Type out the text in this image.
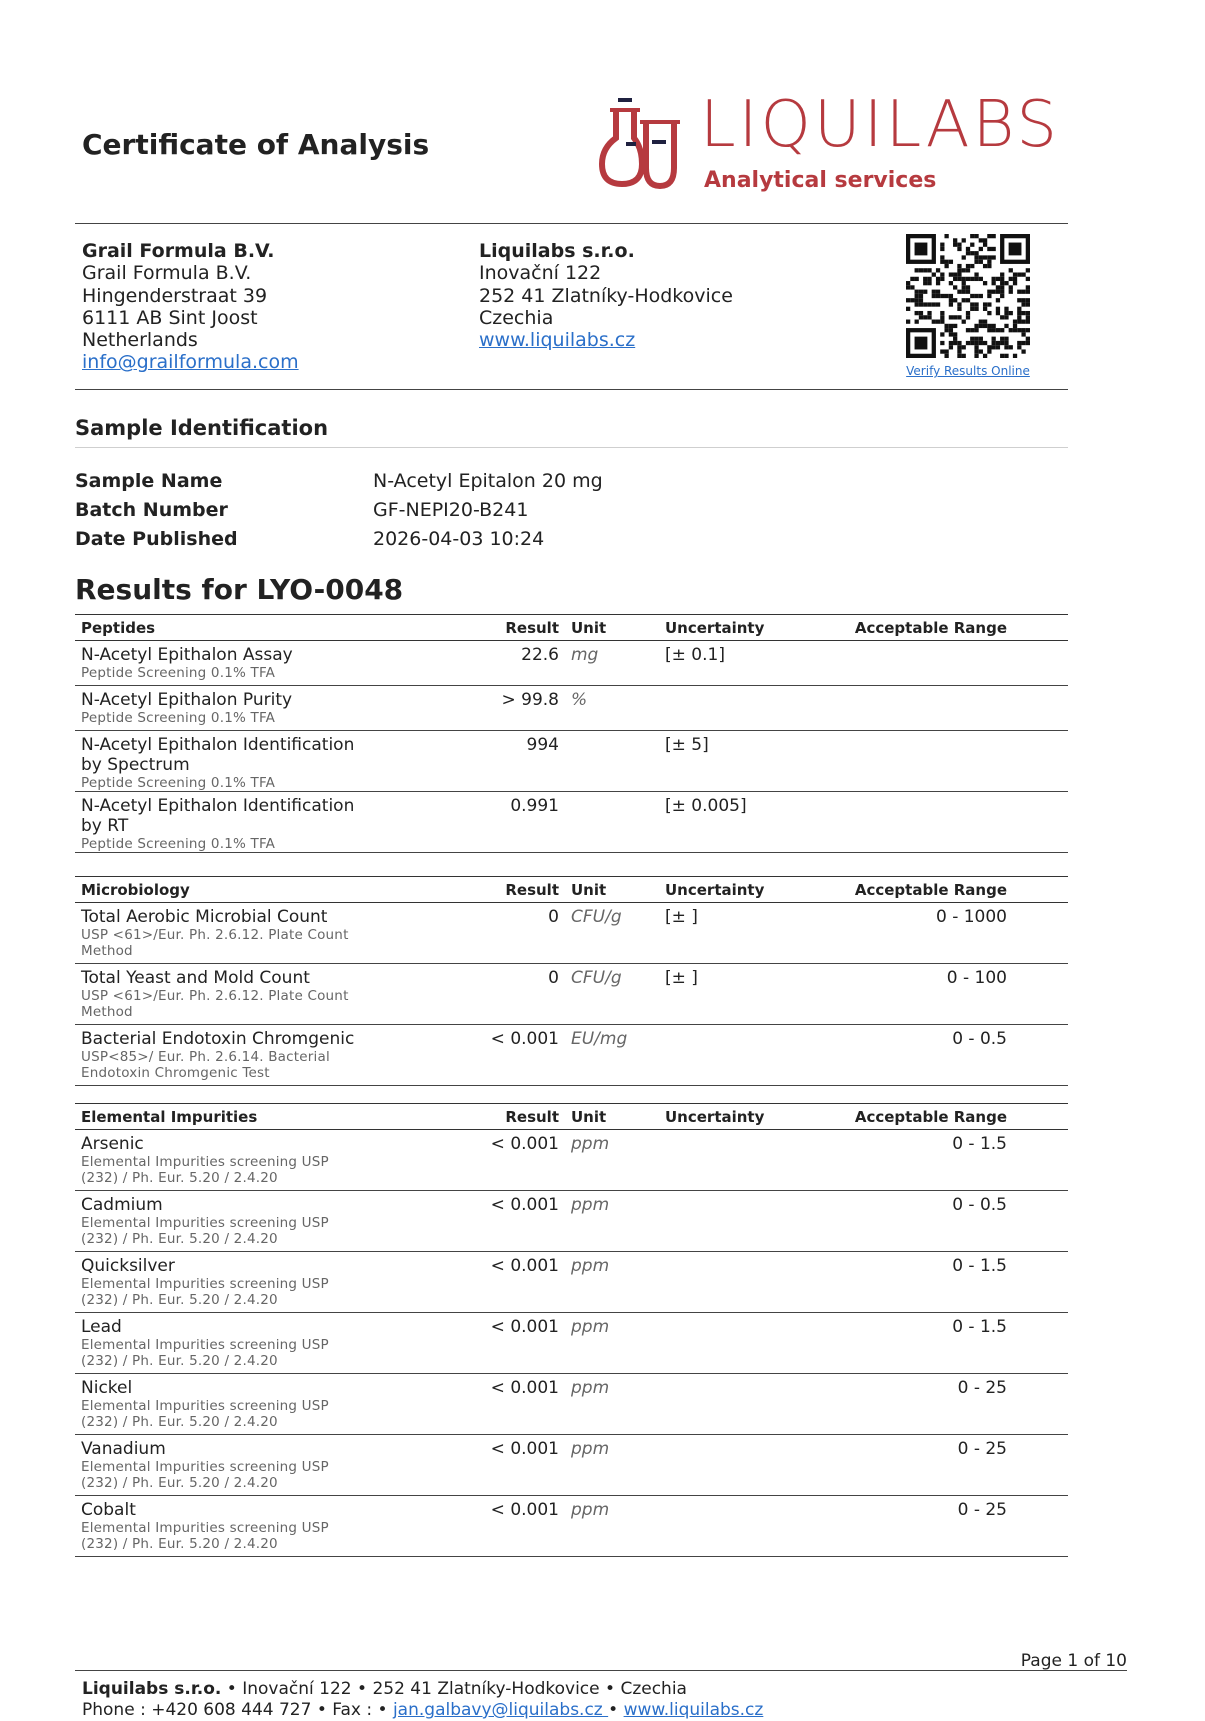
Certificate of Analysis	LIQUILABS
Analytical services
Grail Formula B.V.
Grail Formula B.V.
Hingenderstraat 39
6111 AB Sint Joost
Netherlands
info@grailformula.com
Liquilabs s.r.o.
Inovační 122
252 41 Zlatníky-Hodkovice
Czechia
www.liquilabs.cz
Verify Results Online
Sample Identification
Sample Name	N-Acetyl Epitalon 20 mg
Batch Number	GF-NEPI20-B241
Date Published	2026-04-03 10:24
Results for LYO-0048
Peptides	Result Unit	Uncertainty	Acceptable Range
N-Acetyl Epithalon Assay
Peptide Screening 0.1% TFA
22.6 mg	[± 0.1]
N-Acetyl Epithalon Purity
Peptide Screening 0.1% TFA
> 99.8 %
N-Acetyl Epithalon Identification
by Spectrum
Peptide Screening 0.1% TFA
994	[± 5]
N-Acetyl Epithalon Identification
by RT
Peptide Screening 0.1% TFA
0.991	[± 0.005]
Microbiology	Result Unit	Uncertainty	Acceptable Range
Total Aerobic Microbial Count
USP <61>/Eur. Ph. 2.6.12. Plate Count
Method
0 CFU/g	[± ]	0 - 1000
Total Yeast and Mold Count
USP <61>/Eur. Ph. 2.6.12. Plate Count
Method
0 CFU/g	[± ]	0 - 100
Bacterial Endotoxin Chromgenic
USP<85>/ Eur. Ph. 2.6.14. Bacterial
Endotoxin Chromgenic Test
< 0.001 EU/mg	0 - 0.5
Elemental Impurities	Result Unit	Uncertainty	Acceptable Range
Arsenic
Elemental Impurities screening USP
(232) / Ph. Eur. 5.20 / 2.4.20
< 0.001 ppm	0 - 1.5
Cadmium
Elemental Impurities screening USP
(232) / Ph. Eur. 5.20 / 2.4.20
< 0.001 ppm	0 - 0.5
Quicksilver
Elemental Impurities screening USP
(232) / Ph. Eur. 5.20 / 2.4.20
< 0.001 ppm	0 - 1.5
Lead
Elemental Impurities screening USP
(232) / Ph. Eur. 5.20 / 2.4.20
< 0.001 ppm	0 - 1.5
Nickel
Elemental Impurities screening USP
(232) / Ph. Eur. 5.20 / 2.4.20
< 0.001 ppm	0 - 25
Vanadium
Elemental Impurities screening USP
(232) / Ph. Eur. 5.20 / 2.4.20
< 0.001 ppm	0 - 25
Cobalt
Elemental Impurities screening USP
(232) / Ph. Eur. 5.20 / 2.4.20
< 0.001 ppm	0 - 25
Page 1 of 10
Liquilabs s.r.o. • Inovační 122 • 252 41 Zlatníky-Hodkovice • Czechia
Phone : +420 608 444 727 • Fax : • jan.galbavy@liquilabs.cz • www.liquilabs.cz
